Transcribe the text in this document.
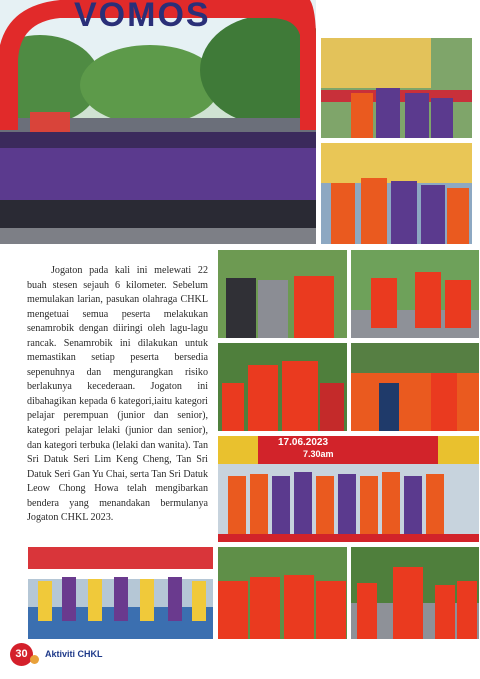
VOMOS

Jogaton pada kali ini melewati 22 buah stesen sejauh 6 kilometer. Sebelum memulakan larian, pasukan olahraga CHKL mengetuai semua peserta melakukan senamrobik dengan diiringi oleh lagu-lagu rancak. Senamrobik ini dilakukan untuk memastikan setiap peserta bersedia sepenuhnya dan mengurangkan risiko berlakunya kecederaan. Jogaton ini dibahagikan kepada 6 kategori,iaitu kategori pelajar perempuan (junior dan senior), kategori pelajar lelaki (junior dan senior), dan kategori terbuka (lelaki dan wanita). Tan Sri Datuk Seri Lim Keng Cheng, Tan Sri Datuk Seri Gan Yu Chai, serta Tan Sri Datuk Leow Chong Howa telah mengibarkan bendera yang menandakan bermulanya Jogaton CHKL 2023.

17.06.2023
7.30am
30	Aktiviti CHKL
